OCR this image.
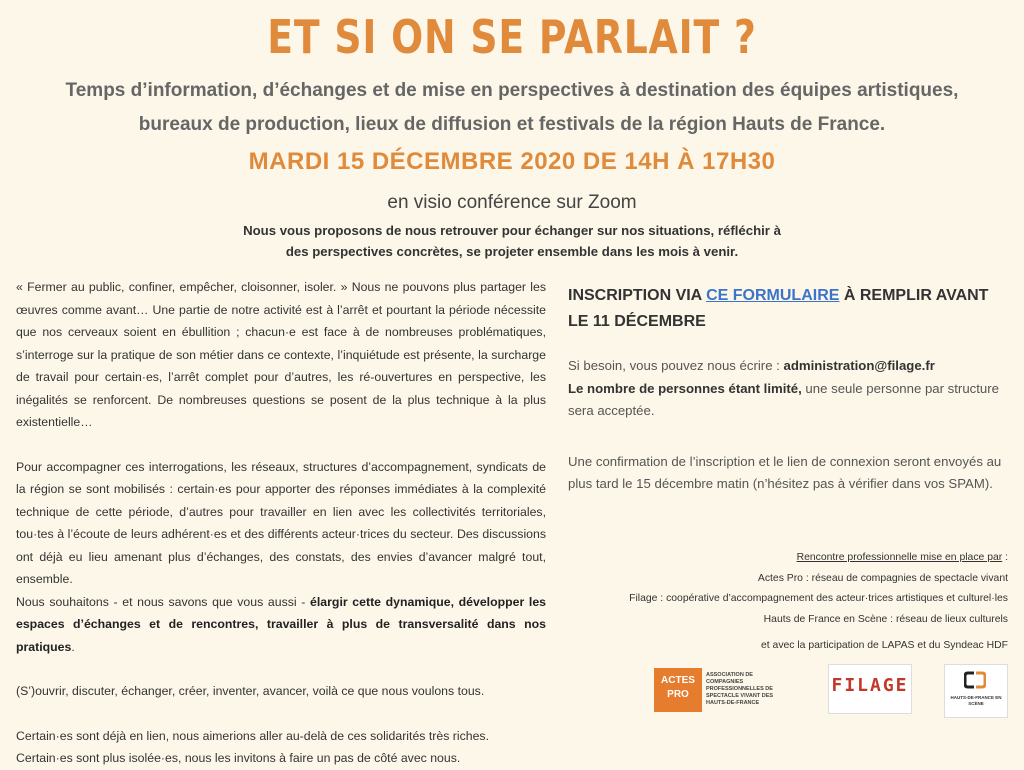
ET SI ON SE PARLAIT ?
Temps d’information, d’échanges et de mise en perspectives à destination des équipes artistiques, bureaux de production, lieux de diffusion et festivals de la région Hauts de France.
MARDI 15 DÉCEMBRE 2020 DE 14H À 17H30
en visio conférence sur Zoom
Nous vous proposons de nous retrouver pour échanger sur nos situations, réfléchir à des perspectives concrètes, se projeter ensemble dans les mois à venir.

« Fermer au public, confiner, empêcher, cloisonner, isoler. » Nous ne pouvons plus partager les œuvres comme avant… Une partie de notre activité est à l’arrêt et pourtant la période nécessite que nos cerveaux soient en ébullition ; chacun·e est face à de nombreuses problématiques, s’interroge sur la pratique de son métier dans ce contexte, l’inquiétude est présente, la surcharge de travail pour certain·es, l’arrêt complet pour d’autres, les ré-ouvertures en perspective, les inégalités se renforcent. De nombreuses questions se posent de la plus technique à la plus existentielle…

Pour accompagner ces interrogations, les réseaux, structures d’accompagnement, syndicats de la région se sont mobilisés : certain·es pour apporter des réponses immédiates à la complexité technique de cette période, d’autres pour travailler en lien avec les collectivités territoriales, tou·tes à l’écoute de leurs adhérent·es et des différents acteur·trices du secteur. Des discussions ont déjà eu lieu amenant plus d’échanges, des constats, des envies d’avancer malgré tout, ensemble.
Nous souhaitons - et nous savons que vous aussi - élargir cette dynamique, développer les espaces d’échanges et de rencontres, travailler à plus de transversalité dans nos pratiques.

(S’)ouvrir, discuter, échanger, créer, inventer, avancer, voilà ce que nous voulons tous.

Certain·es sont déjà en lien, nous aimerions aller au-delà de ces solidarités très riches.

Certain·es sont plus isolée·es, nous les invitons à faire un pas de côté avec nous.

INSCRIPTION VIA CE FORMULAIRE À REMPLIR AVANT LE 11 DÉCEMBRE
Si besoin, vous pouvez nous écrire : administration@filage.fr
Le nombre de personnes étant limité, une seule personne par structure sera acceptée.
Une confirmation de l’inscription et le lien de connexion seront envoyés au plus tard le 15 décembre matin (n’hésitez pas à vérifier dans vos SPAM).
Rencontre professionnelle mise en place par :
Actes Pro : réseau de compagnies de spectacle vivant
Filage : coopérative d’accompagnement des acteur·trices artistiques et culturel·les
Hauts de France en Scène : réseau de lieux culturels
et avec la participation de LAPAS et du Syndeac HDF
ACTES
PRO
ASSOCIATION DE COMPAGNIES PROFESSIONNELLES DE SPECTACLE VIVANT DES HAUTS-DE-FRANCE
FILAGE
HAUTS-DE-FRANCE EN SCÈNE
